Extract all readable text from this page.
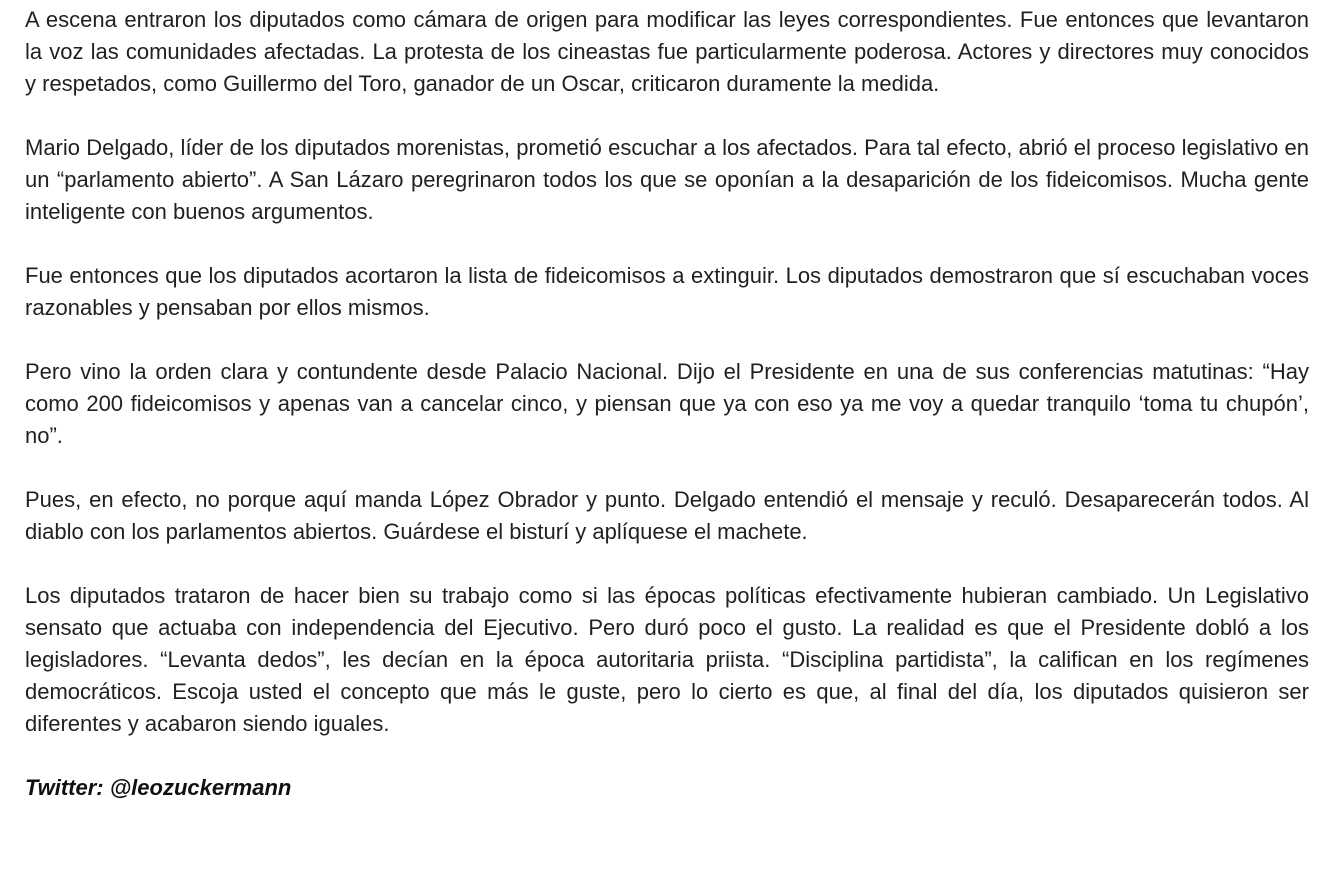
A escena entraron los diputados como cámara de origen para modificar las leyes correspondientes. Fue entonces que levantaron la voz las comunidades afectadas. La protesta de los cineastas fue particularmente poderosa. Actores y directores muy conocidos y respetados, como Guillermo del Toro, ganador de un Oscar, criticaron duramente la medida.

Mario Delgado, líder de los diputados morenistas, prometió escuchar a los afectados. Para tal efecto, abrió el proceso legislativo en un “parlamento abierto”. A San Lázaro peregrinaron todos los que se oponían a la desaparición de los fideicomisos. Mucha gente inteligente con buenos argumentos.

Fue entonces que los diputados acortaron la lista de fideicomisos a extinguir. Los diputados demostraron que sí escuchaban voces razonables y pensaban por ellos mismos.

Pero vino la orden clara y contundente desde Palacio Nacional. Dijo el Presidente en una de sus conferencias matutinas: “Hay como 200 fideicomisos y apenas van a cancelar cinco, y piensan que ya con eso ya me voy a quedar tranquilo ‘toma tu chupón’, no”.

Pues, en efecto, no porque aquí manda López Obrador y punto. Delgado entendió el mensaje y reculó. Desaparecerán todos. Al diablo con los parlamentos abiertos. Guárdese el bisturí y aplíquese el machete.

Los diputados trataron de hacer bien su trabajo como si las épocas políticas efectivamente hubieran cambiado. Un Legislativo sensato que actuaba con independencia del Ejecutivo. Pero duró poco el gusto. La realidad es que el Presidente dobló a los legisladores. “Levanta dedos”, les decían en la época autoritaria priista. “Disciplina partidista”, la califican en los regímenes democráticos. Escoja usted el concepto que más le guste, pero lo cierto es que, al final del día, los diputados quisieron ser diferentes y acabaron siendo iguales.

Twitter: @leozuckermann
